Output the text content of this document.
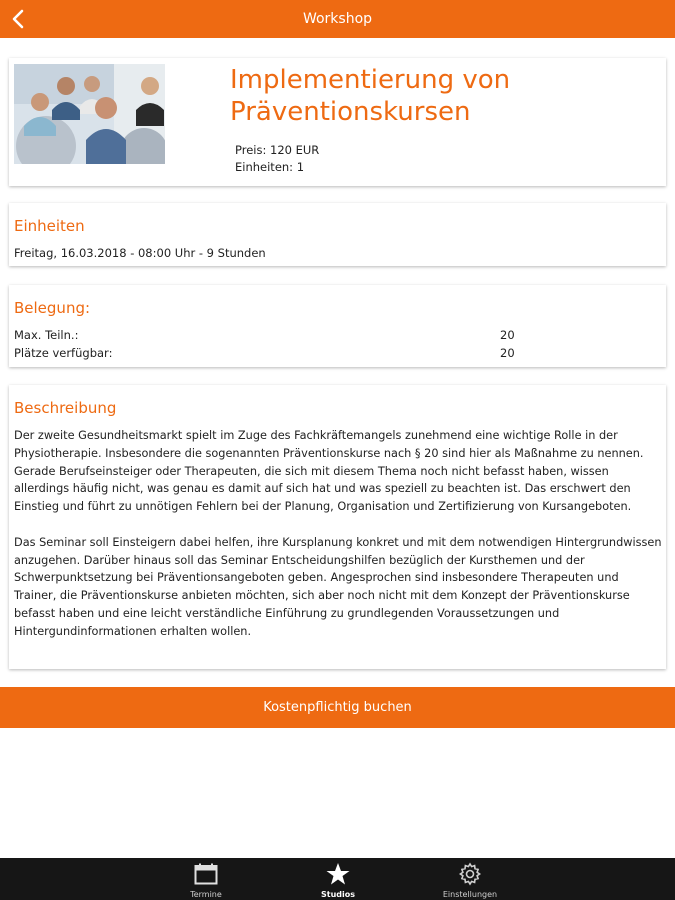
Workshop
Implementierung von
Präventionskursen
Preis: 120 EUR
Einheiten: 1
Einheiten
Freitag, 16.03.2018 - 08:00 Uhr - 9 Stunden
Belegung:
Max. Teiln.:	20
Plätze verfügbar:	20
Beschreibung

Der zweite Gesundheitsmarkt spielt im Zuge des Fachkräftemangels zunehmend eine wichtige Rolle in der Physiotherapie. Insbesondere die sogenannten Präventionskurse nach § 20 sind hier als Maßnahme zu nennen. Gerade Berufseinsteiger oder Therapeuten, die sich mit diesem Thema noch nicht befasst haben, wissen allerdings häufig nicht, was genau es damit auf sich hat und was speziell zu beachten ist. Das erschwert den Einstieg und führt zu unnötigen Fehlern bei der Planung, Organisation und Zertifizierung von Kursangeboten.

Das Seminar soll Einsteigern dabei helfen, ihre Kursplanung konkret und mit dem notwendigen Hintergrundwissen anzugehen. Darüber hinaus soll das Seminar Entscheidungshilfen bezüglich der Kursthemen und der Schwerpunktsetzung bei Präventionsangeboten geben. Angesprochen sind insbesondere Therapeuten und Trainer, die Präventionskurse anbieten möchten, sich aber noch nicht mit dem Konzept der Präventionskurse befasst haben und eine leicht verständliche Einführung zu grundlegenden Voraussetzungen und Hintergundinformationen erhalten wollen.

Kostenpflichtig buchen
Termine	Studios	Einstellungen
